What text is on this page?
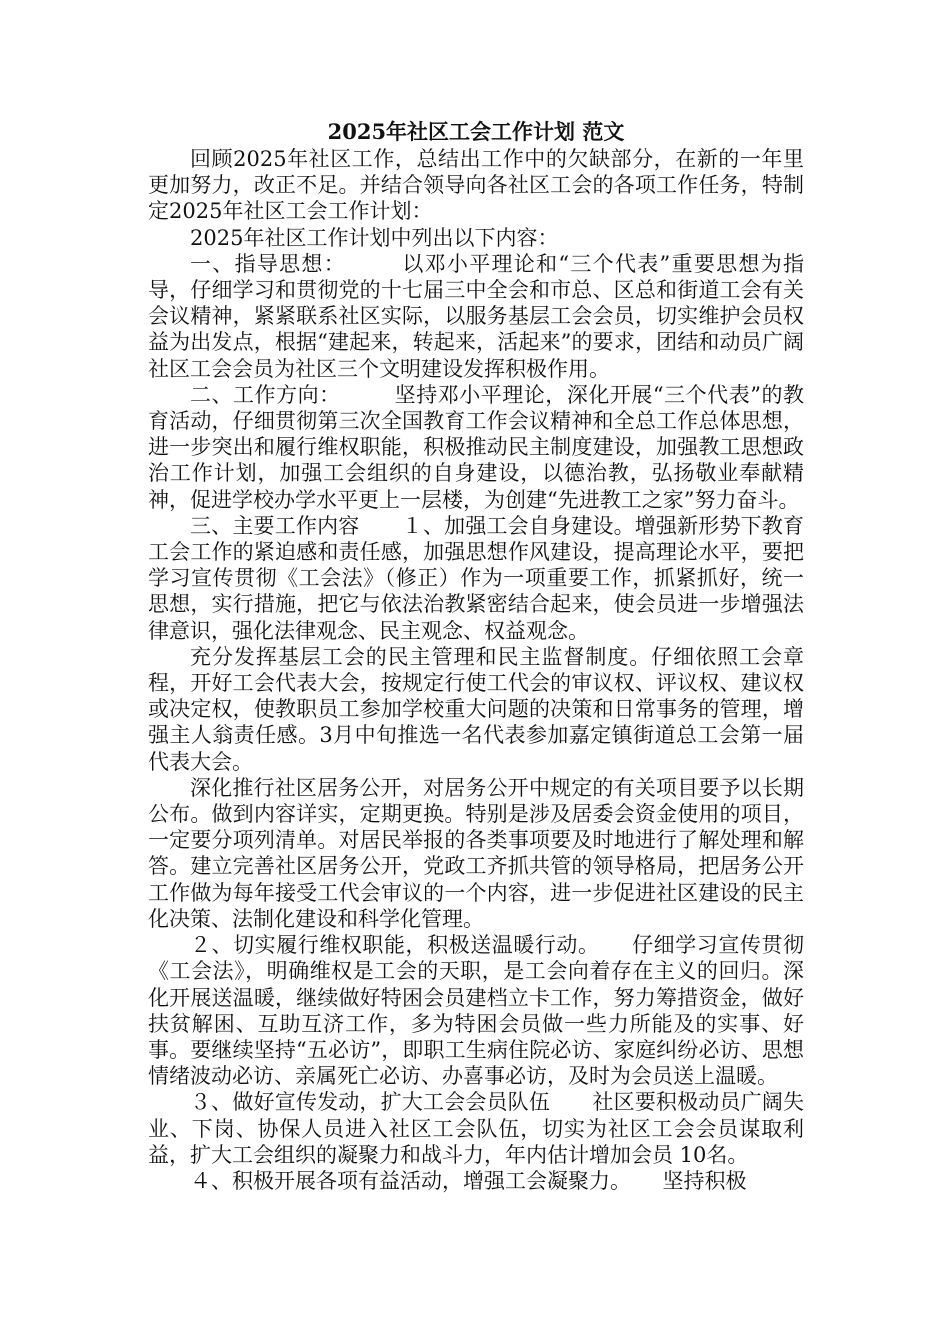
2025年社区工会工作计划 范文

回顾2025年社区工作，总结出工作中的欠缺部分，在新的一年里更加努力，改正不足。并结合领导向各社区工会的各项工作任务，特制定2025年社区工会工作计划：

2025年社区工作计划中列出以下内容：

一、指导思想：　　　以邓小平理论和“三个代表”重要思想为指导，仔细学习和贯彻党的十七届三中全会和市总、区总和街道工会有关会议精神，紧紧联系社区实际，以服务基层工会会员，切实维护会员权益为出发点，根据“建起来，转起来，活起来”的要求，团结和动员广阔社区工会会员为社区三个文明建设发挥积极作用。

二、工作方向：　　　坚持邓小平理论，深化开展“三个代表”的教育活动，仔细贯彻第三次全国教育工作会议精神和全总工作总体思想，进一步突出和履行维权职能，积极推动民主制度建设，加强教工思想政治工作计划，加强工会组织的自身建设，以德治教，弘扬敬业奉献精神，促进学校办学水平更上一层楼，为创建“先进教工之家”努力奋斗。

三、主要工作内容　　１、加强工会自身建设。增强新形势下教育工会工作的紧迫感和责任感，加强思想作风建设，提高理论水平，要把学习宣传贯彻《工会法》（修正）作为一项重要工作，抓紧抓好，统一思想，实行措施，把它与依法治教紧密结合起来，使会员进一步增强法律意识，强化法律观念、民主观念、权益观念。

充分发挥基层工会的民主管理和民主监督制度。仔细依照工会章程，开好工会代表大会，按规定行使工代会的审议权、评议权、建议权或决定权，使教职员工参加学校重大问题的决策和日常事务的管理，增强主人翁责任感。3月中旬推选一名代表参加嘉定镇街道总工会第一届代表大会。

深化推行社区居务公开，对居务公开中规定的有关项目要予以长期公布。做到内容详实，定期更换。特别是涉及居委会资金使用的项目，一定要分项列清单。对居民举报的各类事项要及时地进行了解处理和解答。建立完善社区居务公开，党政工齐抓共管的领导格局，把居务公开工作做为每年接受工代会审议的一个内容，进一步促进社区建设的民主化决策、法制化建设和科学化管理。

２、切实履行维权职能，积极送温暖行动。　　仔细学习宣传贯彻《工会法》，明确维权是工会的天职，是工会向着存在主义的回归。深化开展送温暖，继续做好特困会员建档立卡工作，努力筹措资金，做好扶贫解困、互助互济工作，多为特困会员做一些力所能及的实事、好事。要继续坚持“五必访”，即职工生病住院必访、家庭纠纷必访、思想情绪波动必访、亲属死亡必访、办喜事必访，及时为会员送上温暖。

３、做好宣传发动，扩大工会会员队伍　　社区要积极动员广阔失业、下岗、协保人员进入社区工会队伍，切实为社区工会会员谋取利益，扩大工会组织的凝聚力和战斗力，年内估计增加会员 10名。

４、积极开展各项有益活动，增强工会凝聚力。　　坚持积极
